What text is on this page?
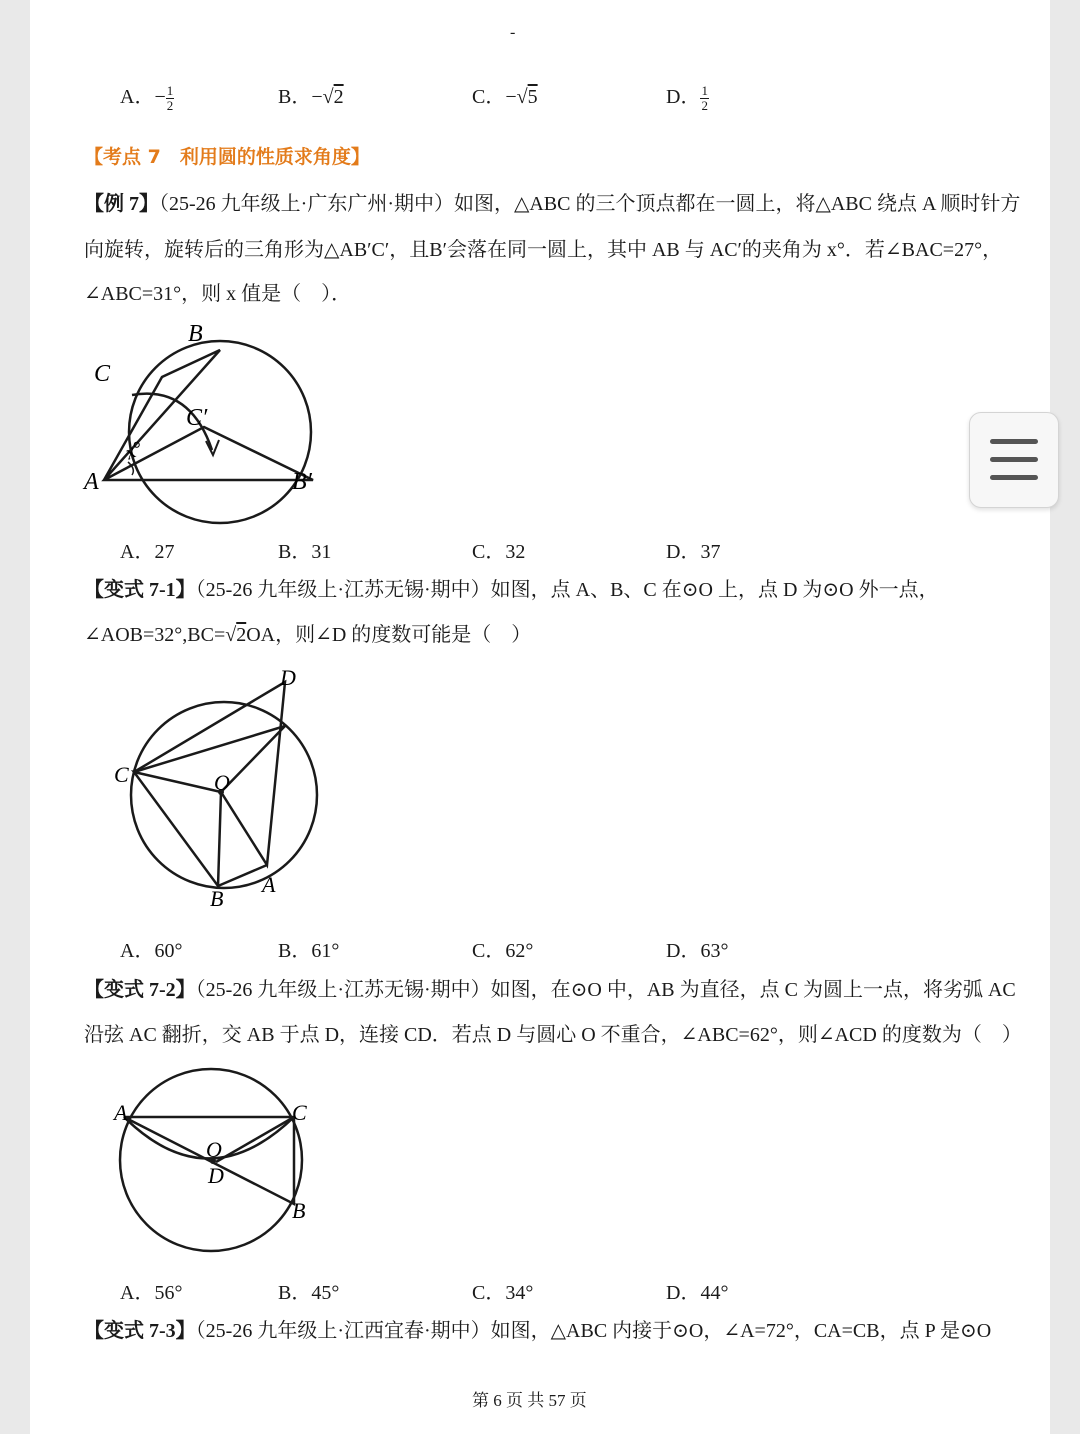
-
A．− $\frac{1}{2}$	B．−√2	C．−√5	D． $\frac{1}{2}$
【考点 7　利用圆的性质求角度】
【例 7】（25-26 九年级上·广东广州·期中）如图，△ABC 的三个顶点都在一圆上，将△ABC 绕点 A 顺时针方
向旋转，旋转后的三角形为△AB′C′，且B′会落在同一圆上，其中 AB 与 AC′的夹角为 x°．若∠BAC=27°，
∠ABC=31°，则 x 值是（　）．
B
C
C′
x°
A	B′
A．27	B．31	C．32	D．37
【变式 7-1】（25-26 九年级上·江苏无锡·期中）如图，点 A、B、C 在⊙O 上，点 D 为⊙O 外一点，
∠AOB=32°,BC=√2OA，则∠D 的度数可能是（　）
D
C	O
B
A
A．60°	B．61°	C．62°	D．63°
【变式 7-2】（25-26 九年级上·江苏无锡·期中）如图，在⊙O 中，AB 为直径，点 C 为圆上一点，将劣弧 AC
沿弦 AC 翻折，交 AB 于点 D，连接 CD．若点 D 与圆心 O 不重合，∠ABC=62°，则∠ACD 的度数为（　）
A	C
O
D
B
A．56°	B．45°	C．34°	D．44°
【变式 7-3】（25-26 九年级上·江西宜春·期中）如图，△ABC 内接于⊙O，∠A=72°，CA=CB，点 P 是⊙O
第 6 页 共 57 页
